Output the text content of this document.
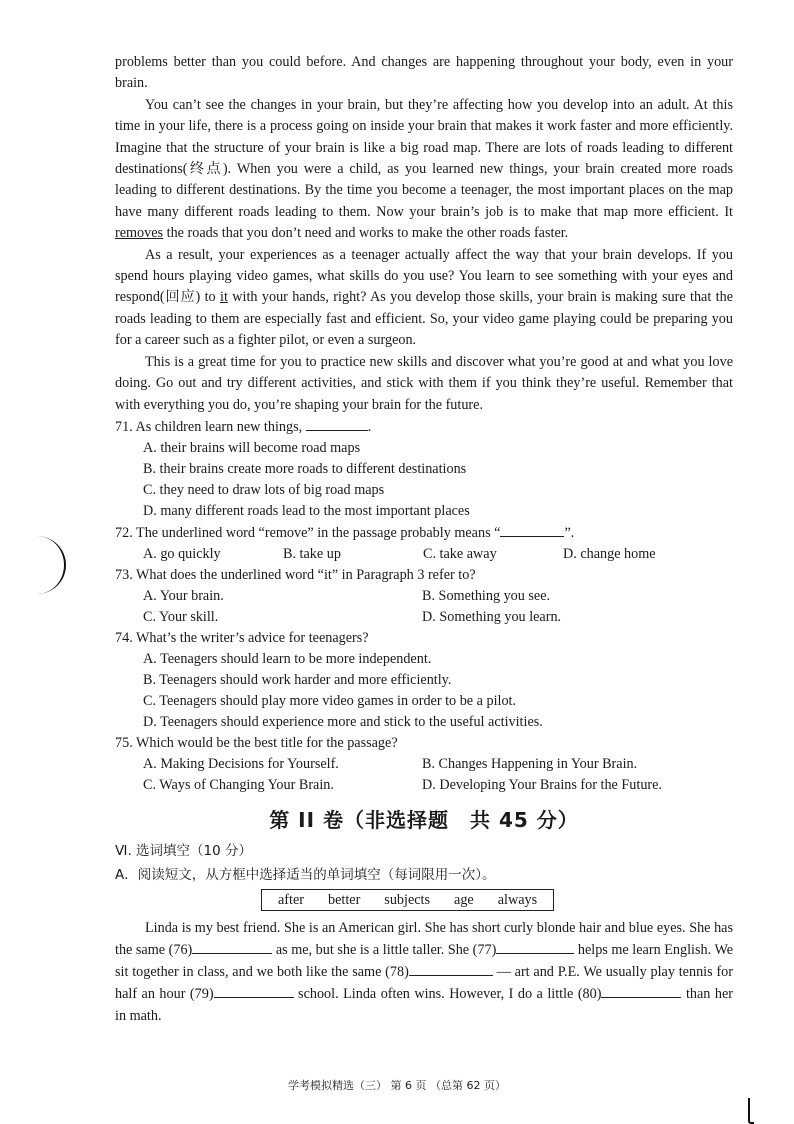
problems better than you could before. And changes are happening throughout your body, even in your brain.

You can’t see the changes in your brain, but they’re affecting how you develop into an adult. At this time in your life, there is a process going on inside your brain that makes it work faster and more efficiently. Imagine that the structure of your brain is like a big road map. There are lots of roads leading to different destinations(终点). When you were a child, as you learned new things, your brain created more roads leading to different destinations. By the time you become a teenager, the most important places on the map have many different roads leading to them. Now your brain’s job is to make that map more efficient. It removes the roads that you don’t need and works to make the other roads faster.

As a result, your experiences as a teenager actually affect the way that your brain develops. If you spend hours playing video games, what skills do you use? You learn to see something with your eyes and respond(回应) to it with your hands, right? As you develop those skills, your brain is making sure that the roads leading to them are especially fast and efficient. So, your video game playing could be preparing you for a career such as a fighter pilot, or even a surgeon.

This is a great time for you to practice new skills and discover what you’re good at and what you love doing. Go out and try different activities, and stick with them if you think they’re useful. Remember that with everything you do, you’re shaping your brain for the future.

71. As children learn new things,	.

A. their brains will become road maps

B. their brains create more roads to different destinations

C. they need to draw lots of big road maps

D. many different roads lead to the most important places

72. The underlined word “remove” in the passage probably means “	”.

A. go quickly	B. take up	C. take away	D. change home

73. What does the underlined word “it” in Paragraph 3 refer to?

A. Your brain.	B. Something you see.
C. Your skill.	D. Something you learn.

74. What’s the writer’s advice for teenagers?

A. Teenagers should learn to be more independent.

B. Teenagers should work harder and more efficiently.

C. Teenagers should play more video games in order to be a pilot.

D. Teenagers should experience more and stick to the useful activities.

75. Which would be the best title for the passage?

A. Making Decisions for Yourself.	B. Changes Happening in Your Brain.
C. Ways of Changing Your Brain.	D. Developing Your Brains for the Future.
第 II 卷（非选择题　共 45 分）

Ⅵ. 选词填空（10 分）

A．阅读短文，从方框中选择适当的单词填空（每词限用一次）。

after	better	subjects	age	always

Linda is my best friend. She is an American girl. She has short curly blonde hair and blue eyes. She has the same (76)	as me, but she is a little taller. She (77)	helps me learn English. We sit together in class, and we both like the same (78)	— art and P.E. We usually play tennis for half an hour (79)	school. Linda often wins. However, I do a little (80)	than her in math.

学考模拟精选（三） 第 6 页 （总第 62 页）
